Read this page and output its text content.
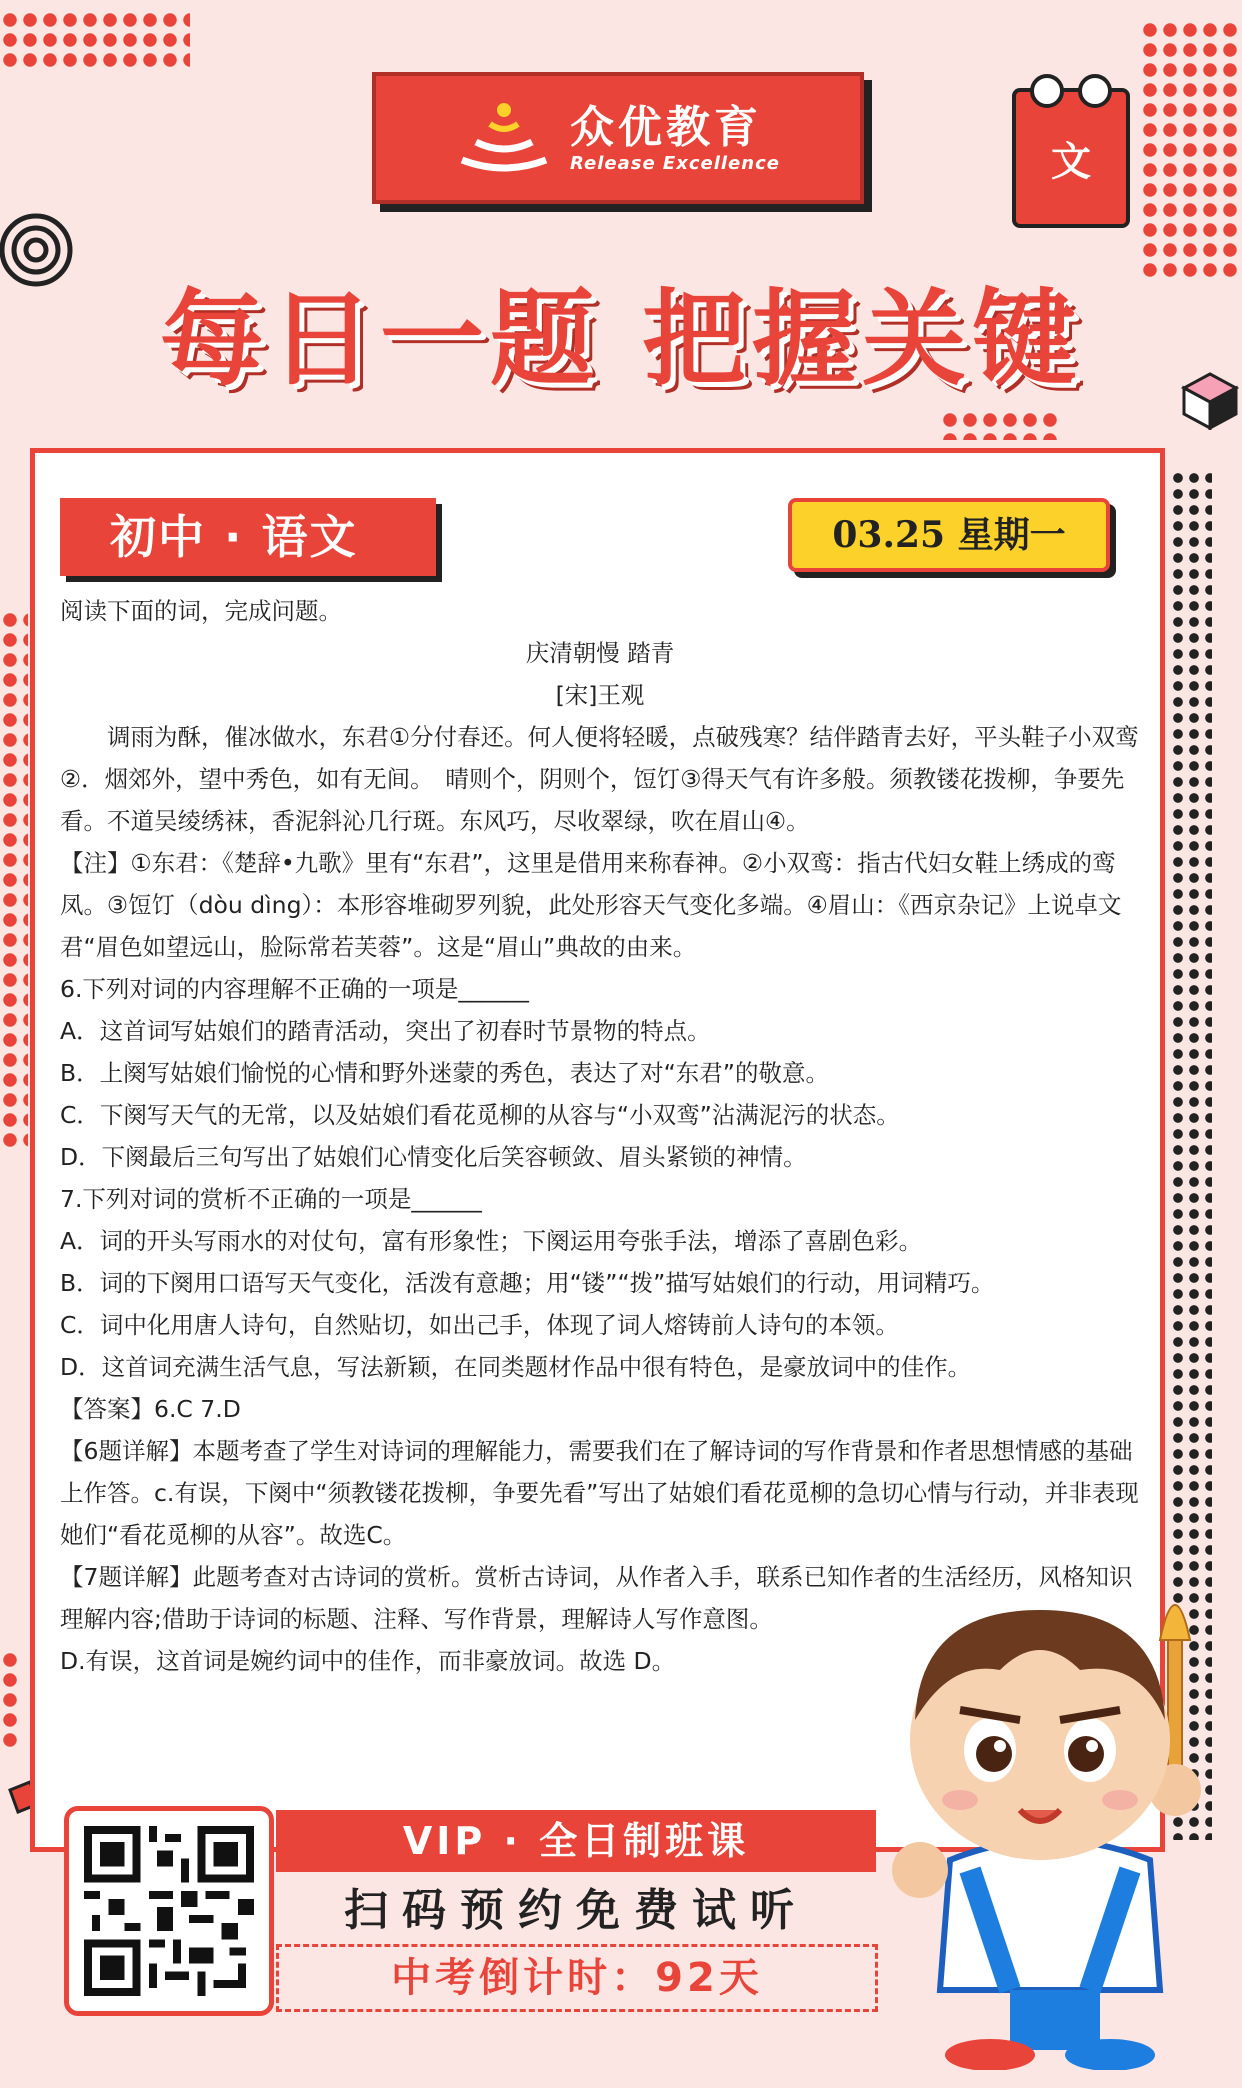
众优教育
Release Excellence	文
每日一题 把握关键
初中 · 语文	03.25 星期一

阅读下面的词，完成问题。

庆清朝慢 踏青

[宋]王观

调雨为酥，催冰做水，东君①分付春还。何人便将轻暖，点破残寒？结伴踏青去好，平头鞋子小双鸾②．烟郊外，望中秀色，如有无间。　晴则个，阴则个，饾饤③得天气有许多般。须教镂花拨柳，争要先看。不道吴绫绣袜，香泥斜沁几行斑。东风巧，尽收翠绿，吹在眉山④。

【注】①东君：《楚辞•九歌》里有“东君”，这里是借用来称春神。②小双鸾：指古代妇女鞋上绣成的鸾凤。③饾饤（dòu dìng）：本形容堆砌罗列貌，此处形容天气变化多端。④眉山：《西京杂记》上说卓文君“眉色如望远山，脸际常若芙蓉”。这是“眉山”典故的由来。

6.下列对词的内容理解不正确的一项是______

A．这首词写姑娘们的踏青活动，突出了初春时节景物的特点。

B．上阕写姑娘们愉悦的心情和野外迷蒙的秀色，表达了对“东君”的敬意。

C．下阕写天气的无常，以及姑娘们看花觅柳的从容与“小双鸾”沾满泥污的状态。

D．下阕最后三句写出了姑娘们心情变化后笑容顿敛、眉头紧锁的神情。

7.下列对词的赏析不正确的一项是______

A．词的开头写雨水的对仗句，富有形象性；下阕运用夸张手法，增添了喜剧色彩。

B．词的下阕用口语写天气变化，活泼有意趣；用“镂”“拨”描写姑娘们的行动，用词精巧。

C．词中化用唐人诗句，自然贴切，如出己手，体现了词人熔铸前人诗句的本领。

D．这首词充满生活气息，写法新颖，在同类题材作品中很有特色，是豪放词中的佳作。

【答案】6.C 7.D

【6题详解】本题考查了学生对诗词的理解能力，需要我们在了解诗词的写作背景和作者思想情感的基础上作答。c.有误，下阕中“须教镂花拨柳，争要先看”写出了姑娘们看花觅柳的急切心情与行动，并非表现她们“看花觅柳的从容”。故选C。

【7题详解】此题考查对古诗词的赏析。赏析古诗词，从作者入手，联系已知作者的生活经历，风格知识理解内容;借助于诗词的标题、注释、写作背景，理解诗人写作意图。

D.有误，这首词是婉约词中的佳作，而非豪放词。故选 D。

VIP · 全日制班课
扫码预约免费试听
中考倒计时：92天
